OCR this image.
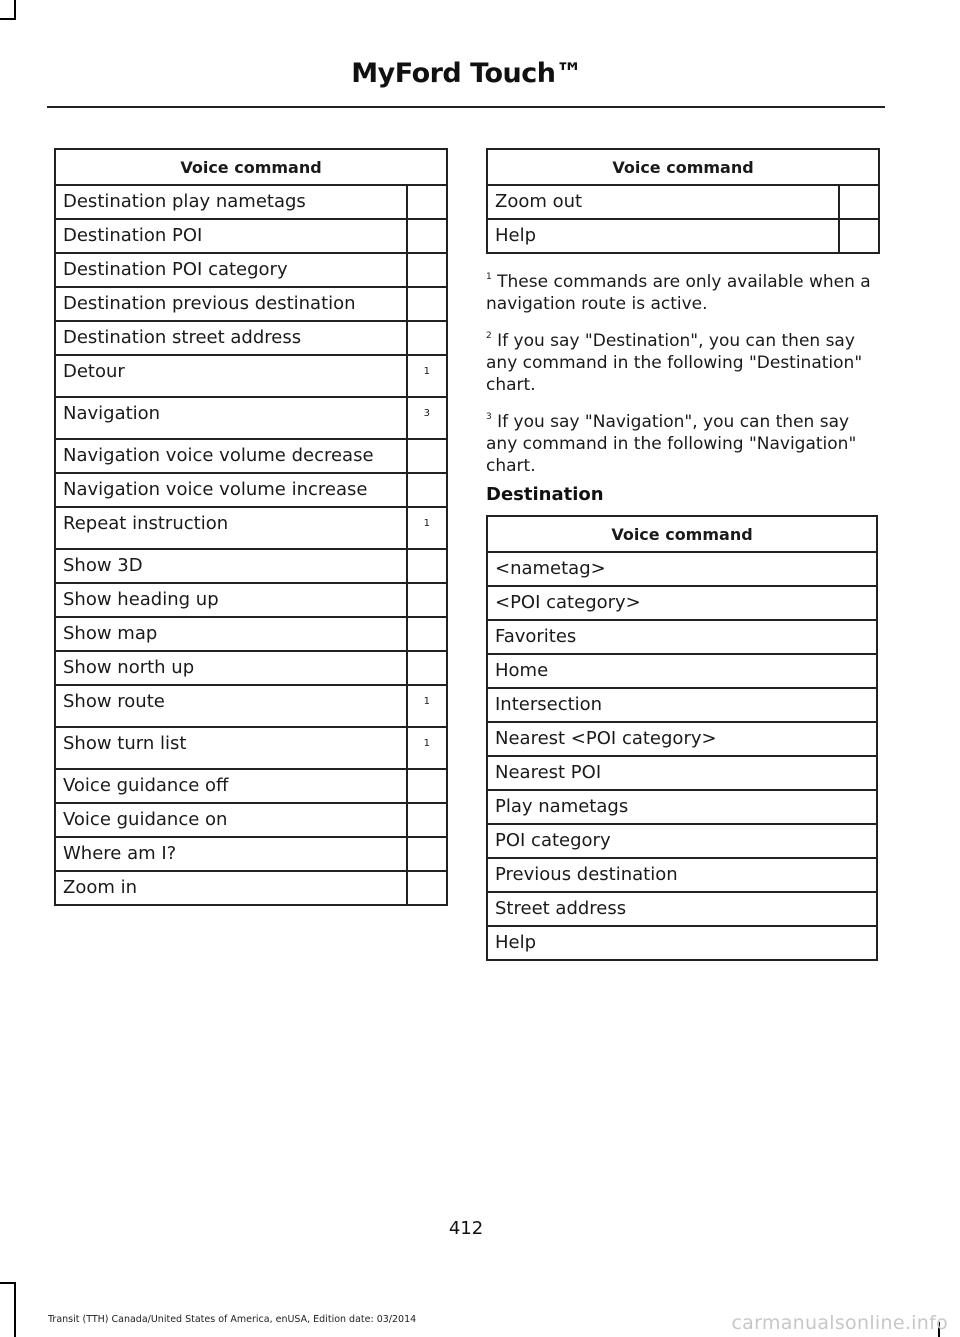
MyFord Touch™
Voice command	
Destination play nametags	
Destination POI	
Destination POI category	
Destination previous destination	
Destination street address	
Detour	1
Navigation	3
Navigation voice volume decrease	
Navigation voice volume increase	
Repeat instruction	1
Show 3D	
Show heading up	
Show map	
Show north up	
Show route	1
Show turn list	1
Voice guidance off	
Voice guidance on	
Where am I?	
Zoom in	
Voice command	
Zoom out	
Help	

$^1$ These commands are only available when a navigation route is active.

$^2$ If you say "Destination", you can then say any command in the following "Destination" chart.

$^3$ If you say "Navigation", you can then say any command in the following "Navigation" chart.

Destination
Voice command
<nametag>
<POI category>
Favorites
Home
Intersection
Nearest <POI category>
Nearest POI
Play nametags
POI category
Previous destination
Street address
Help
412
Transit (TTH) Canada/United States of America, enUSA, Edition date: 03/2014	carmanualsonline.info
